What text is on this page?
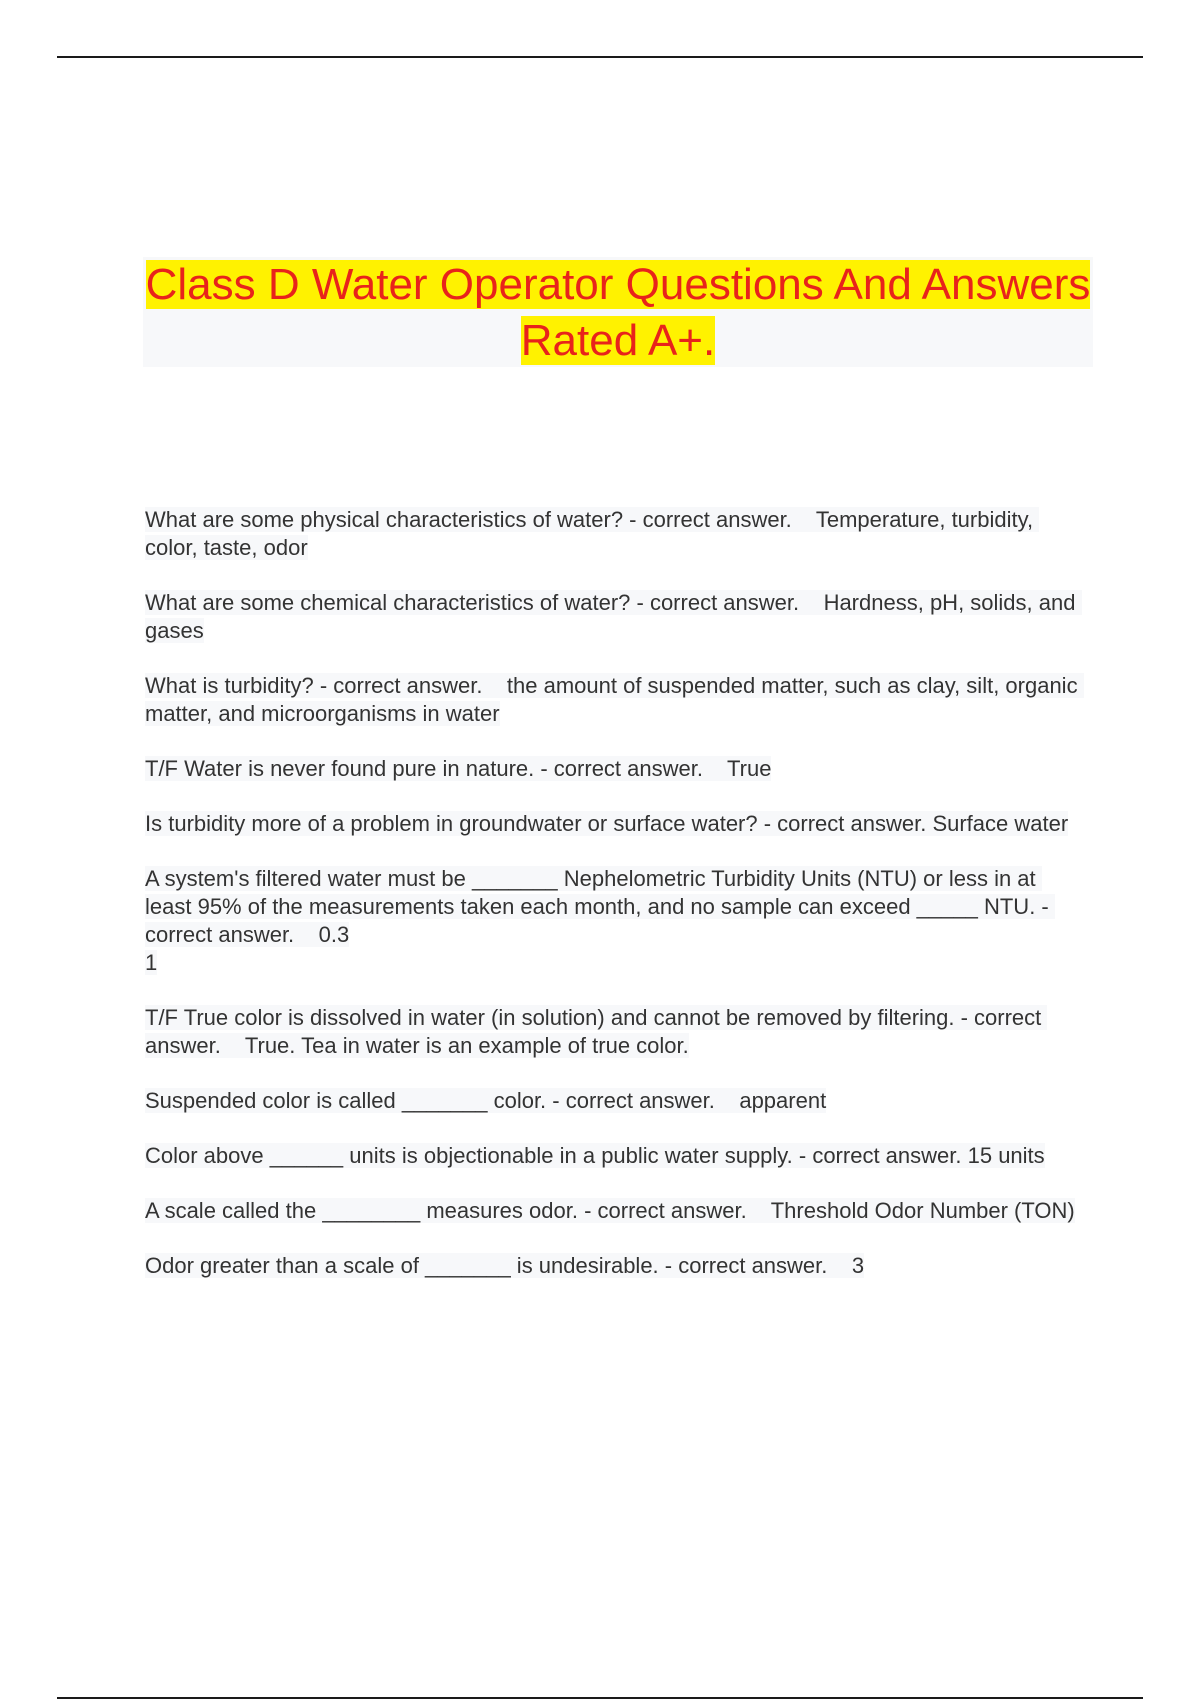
Class D Water Operator Questions And Answers Rated A+.

What are some physical characteristics of water? - correct answer.    Temperature, turbidity, color, taste, odor

What are some chemical characteristics of water? - correct answer.    Hardness, pH, solids, and gases

What is turbidity? - correct answer.    the amount of suspended matter, such as clay, silt, organic matter, and microorganisms in water

T/F Water is never found pure in nature. - correct answer.    True

Is turbidity more of a problem in groundwater or surface water? - correct answer. Surface water

A system's filtered water must be _______ Nephelometric Turbidity Units (NTU) or less in at least 95% of the measurements taken each month, and no sample can exceed _____ NTU. - correct answer.    0.3
1

T/F True color is dissolved in water (in solution) and cannot be removed by filtering. - correct answer.    True. Tea in water is an example of true color.

Suspended color is called _______ color. - correct answer.    apparent

Color above ______ units is objectionable in a public water supply. - correct answer. 15 units

A scale called the ________ measures odor. - correct answer.    Threshold Odor Number (TON)

Odor greater than a scale of _______ is undesirable. - correct answer.    3
